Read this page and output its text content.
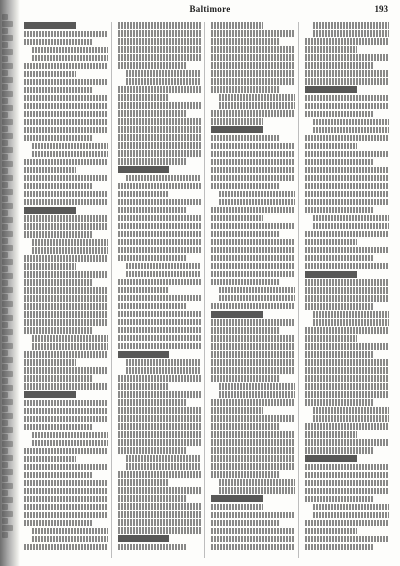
Baltimore	193
